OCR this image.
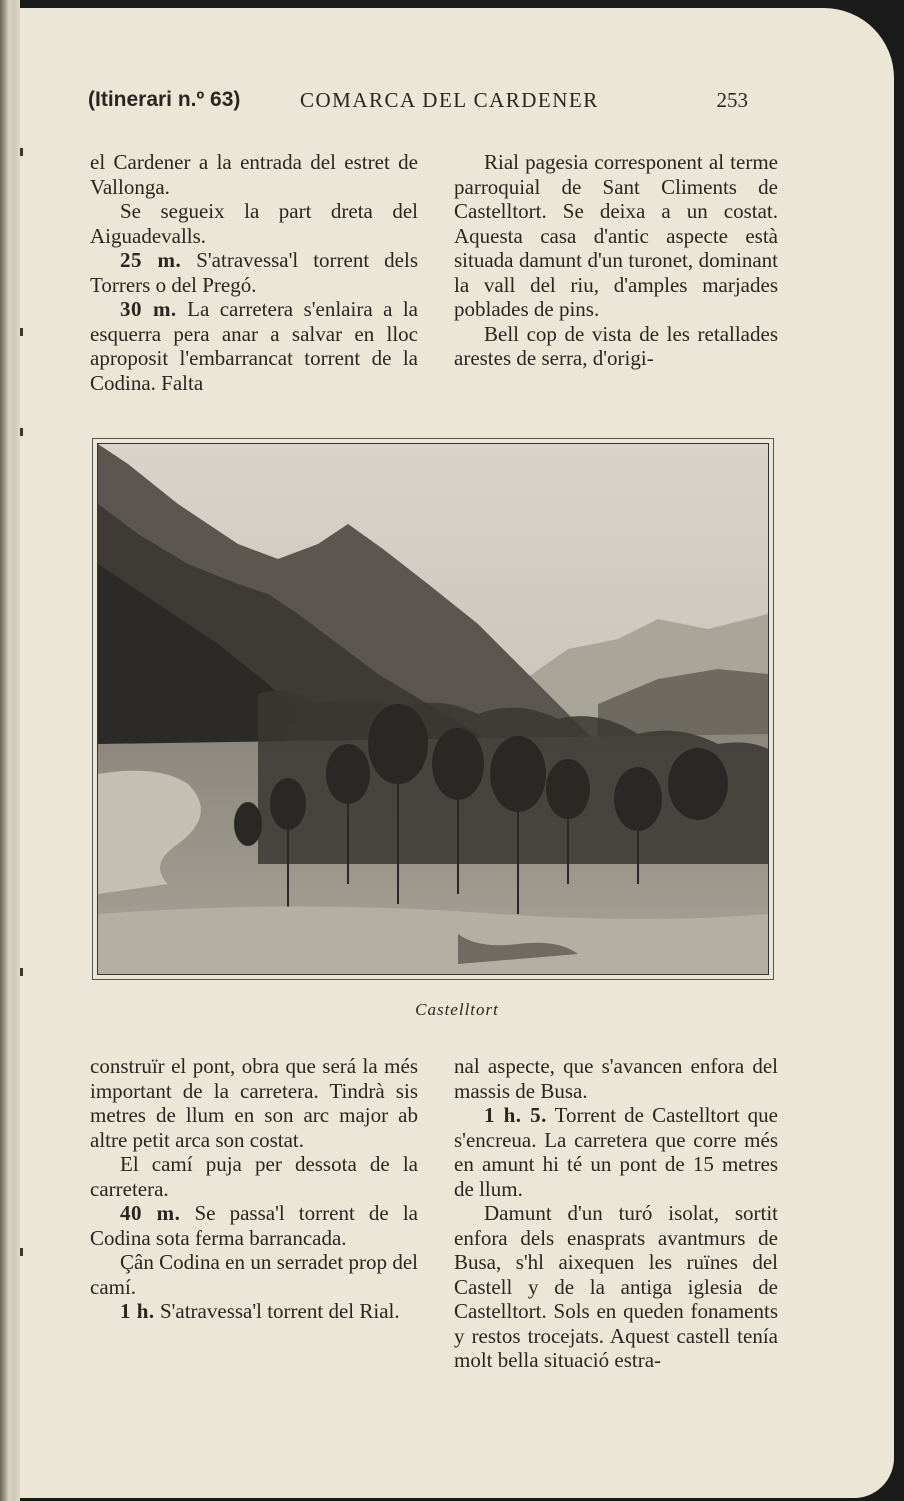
(Itinerari n.º 63)	COMARCA DEL CARDENER	253

el Cardener a la entrada del estret de Vallonga.

Se segueix la part dreta del Aiguadevalls.

25 m. S'atravessa'l torrent dels Torrers o del Pregó.

30 m. La carretera s'enlaira a la esquerra pera anar a salvar en lloc aproposit l'embarrancat torrent de la Codina. Falta

Rial pagesia corresponent al terme parroquial de Sant Climents de Castelltort. Se deixa a un costat. Aquesta casa d'antic aspecte està situada damunt d'un turonet, dominant la vall del riu, d'amples marjades poblades de pins.

Bell cop de vista de les retallades arestes de serra, d'origi-

Castelltort

construïr el pont, obra que será la més important de la carretera. Tindrà sis metres de llum en son arc major ab altre petit arca son costat.

El camí puja per dessota de la carretera.

40 m. Se passa'l torrent de la Codina sota ferma barrancada.

Çân Codina en un serradet prop del camí.

1 h. S'atravessa'l torrent del Rial.

nal aspecte, que s'avancen enfora del massis de Busa.

1 h. 5. Torrent de Castelltort que s'encreua. La carretera que corre més en amunt hi té un pont de 15 metres de llum.

Damunt d'un turó isolat, sortit enfora dels enasprats avantmurs de Busa, s'hl aixequen les ruïnes del Castell y de la antiga iglesia de Castelltort. Sols en queden fonaments y restos trocejats. Aquest castell tenía molt bella situació estra-
